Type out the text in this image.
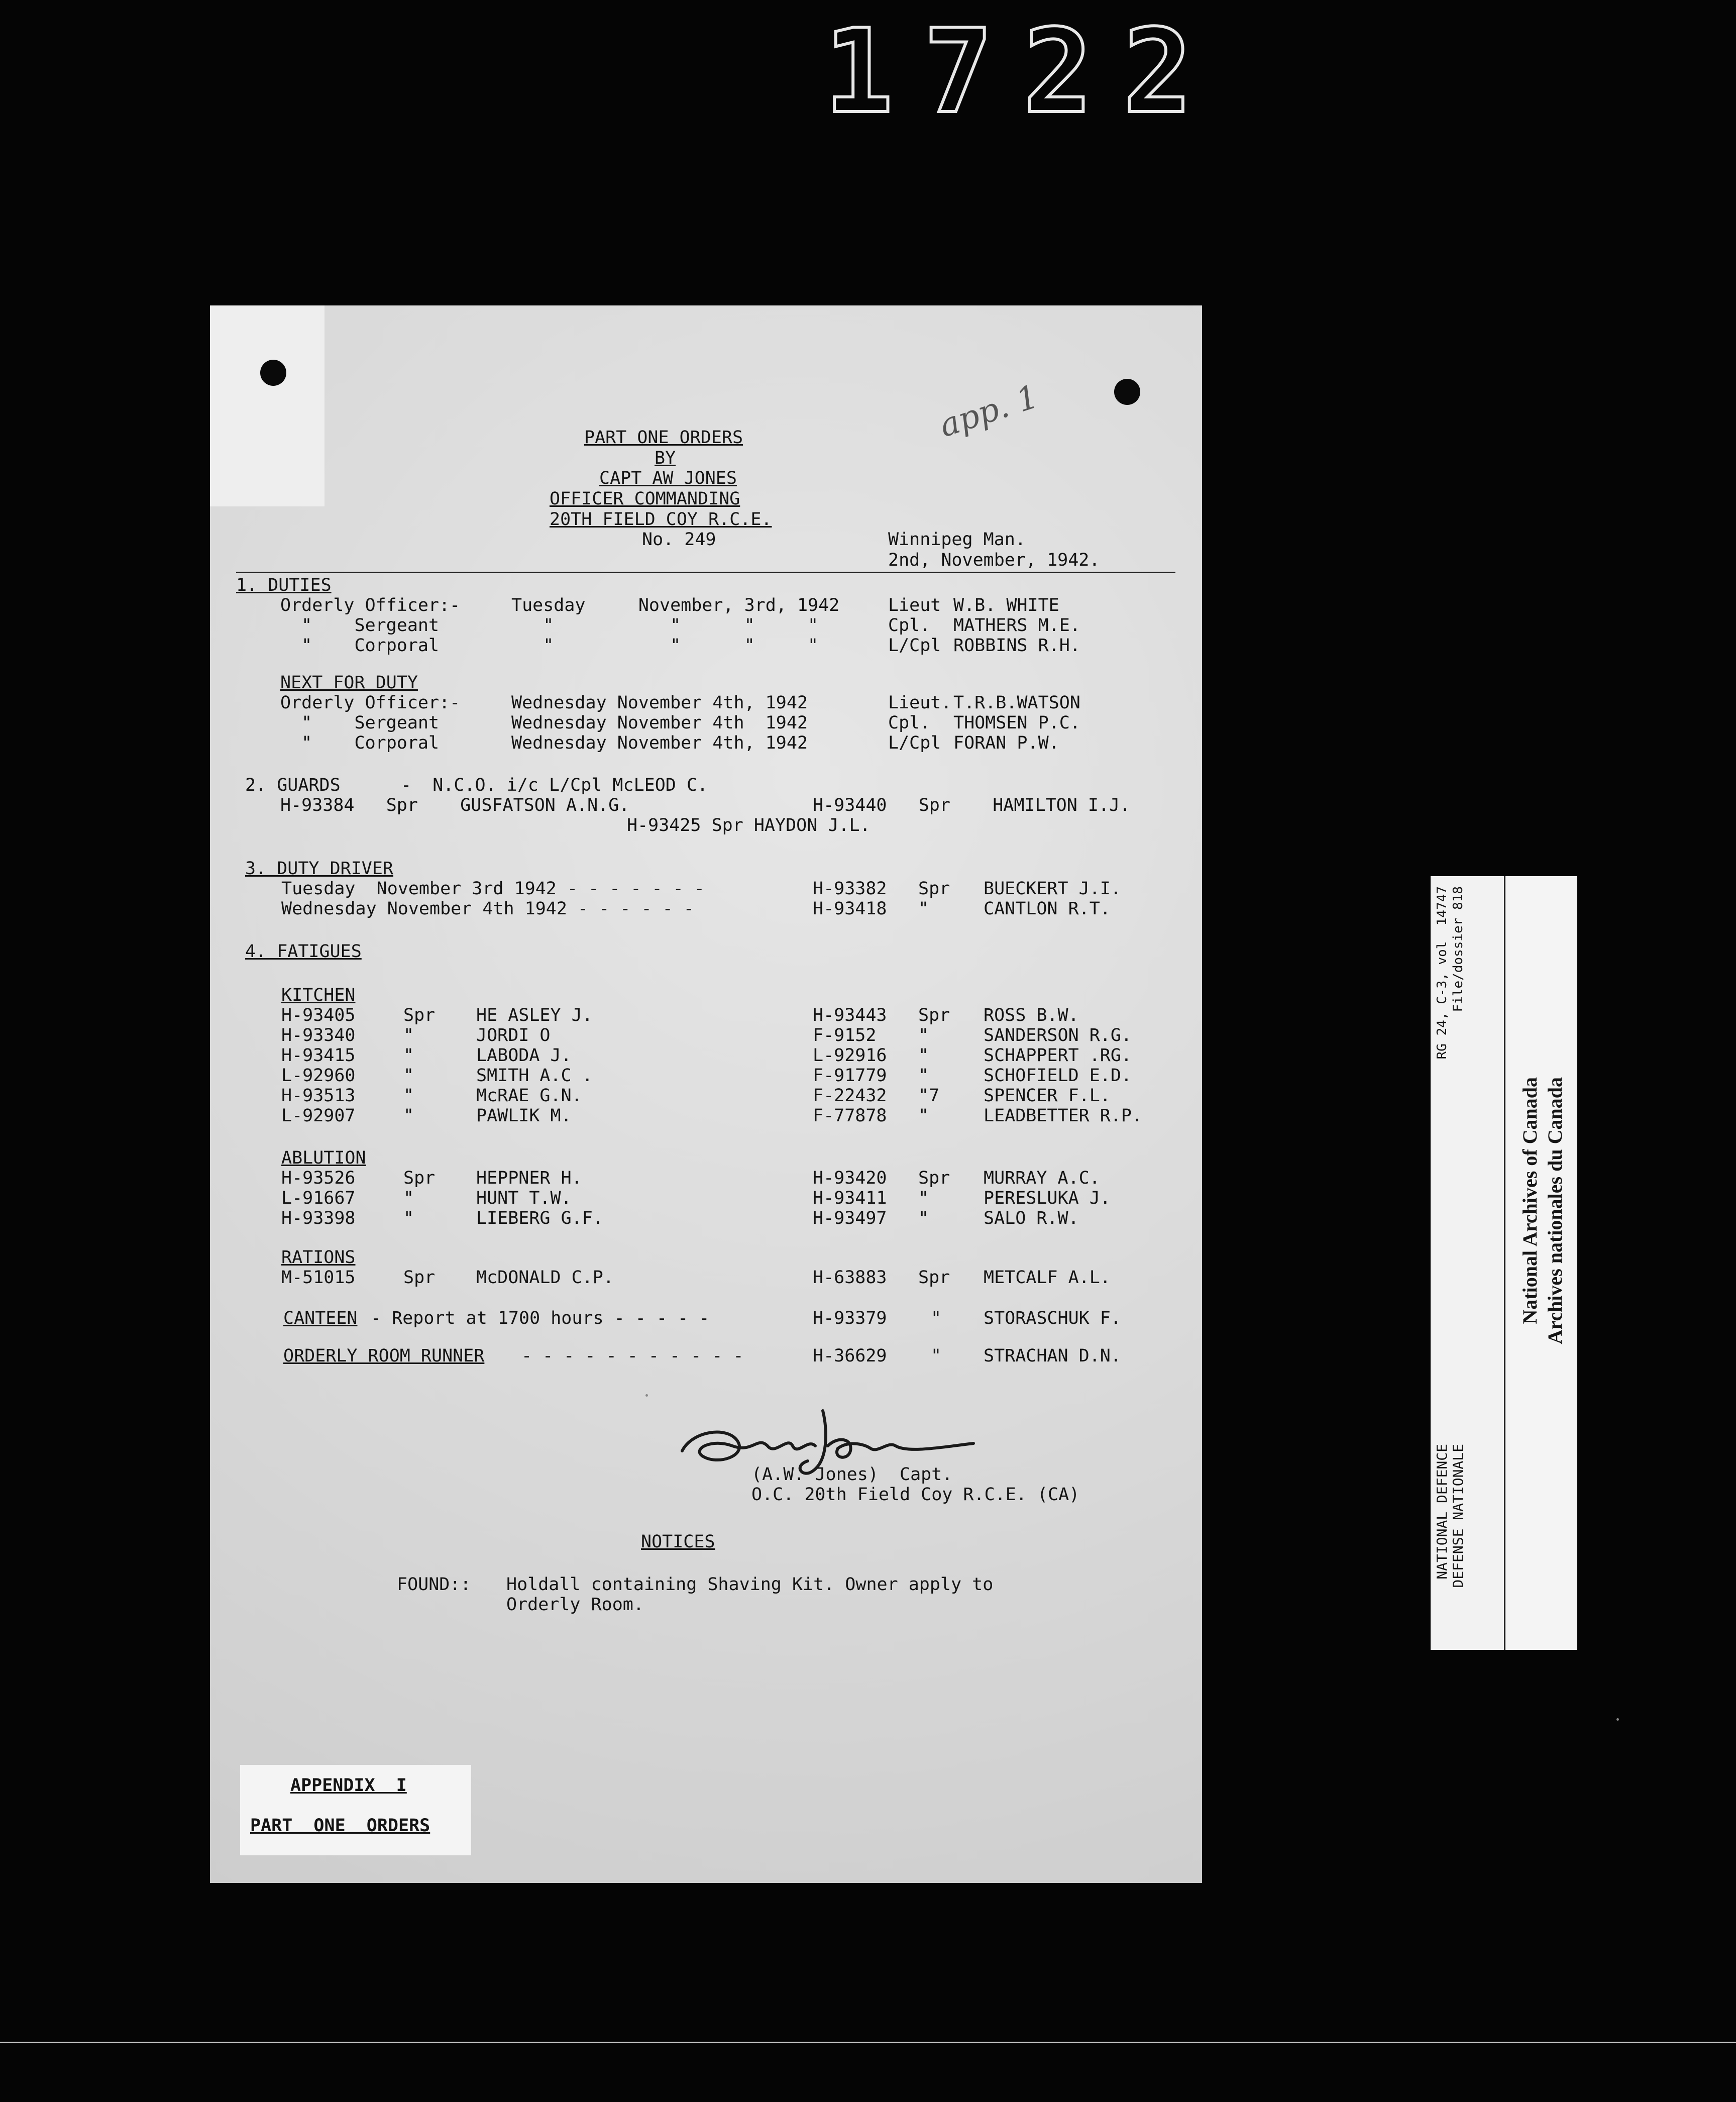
1722
app. 1
PART ONE ORDERS
BY
CAPT AW JONES
OFFICER COMMANDING
20TH FIELD COY R.C.E.
No. 249	Winnipeg Man.
2nd, November, 1942.
1. DUTIES
Orderly Officer:-	Tuesday     November, 3rd, 1942	Lieut W.B. WHITE
"    Sergeant	"           "      "     "	Cpl. MATHERS M.E.
"    Corporal	"           "      "     "	L/Cpl ROBBINS R.H.
NEXT FOR DUTY
Orderly Officer:-	Wednesday November 4th, 1942	Lieut. T.R.B.WATSON
"    Sergeant	Wednesday November 4th  1942	Cpl. THOMSEN P.C.
"    Corporal	Wednesday November 4th, 1942	L/Cpl FORAN P.W.
2. GUARDS	-  N.C.O. i/c L/Cpl McLEOD C.
H-93384   Spr    GUSFATSON A.N.G.	H-93440   Spr    HAMILTON I.J.
H-93425 Spr HAYDON J.L.
3. DUTY DRIVER
Tuesday  November 3rd 1942 - - - - - - -	H-93382 Spr BUECKERT J.I.
Wednesday November 4th 1942 - - - - - -	H-93418 "	CANTLON R.T.
4. FATIGUES
KITCHEN
H-93405	Spr HE ASLEY J.	H-93443 Spr ROSS B.W.
H-93340	"	JORDI O	F-9152 "	SANDERSON R.G.
H-93415	"	LABODA J.	L-92916 "	SCHAPPERT .RG.
L-92960	"	SMITH A.C .	F-91779 "	SCHOFIELD E.D.
H-93513	"	McRAE G.N.	F-22432 "7	SPENCER F.L.
L-92907	"	PAWLIK M.	F-77878 "	LEADBETTER R.P.
ABLUTION
H-93526	Spr HEPPNER H.	H-93420 Spr MURRAY A.C.
L-91667	"	HUNT T.W.	H-93411 "	PERESLUKA J.
H-93398	"	LIEBERG G.F.	H-93497 "	SALO R.W.
RATIONS
M-51015	Spr McDONALD C.P.	H-63883 Spr METCALF A.L.
CANTEEN - Report at 1700 hours - - - - -	H-93379 " STORASCHUK F.
ORDERLY ROOM RUNNER - - - - - - - - - - -	H-36629 " STRACHAN D.N.
(A.W. Jones)  Capt.
O.C. 20th Field Coy R.C.E. (CA)
NOTICES
FOUND:: Holdall containing Shaving Kit. Owner apply to
Orderly Room.
APPENDIX  I
PART  ONE  ORDERS
RG 24, C-3, vol  14747 File/dossier 818
NATIONAL DEFENCE DEFENSE NATIONALE
National Archives of Canada Archives nationales du Canada
